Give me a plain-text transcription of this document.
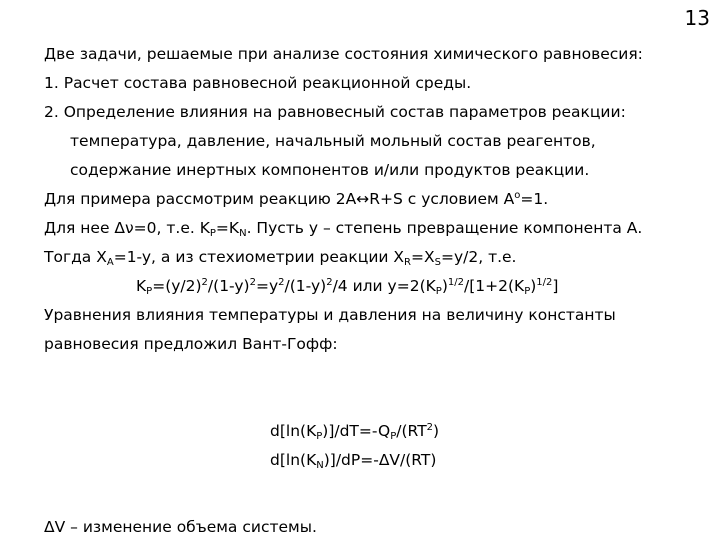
13
Две задачи, решаемые при анализе состояния химического равновесия:
1. Расчет состава равновесной реакционной среды.
2. Определение влияния на равновесный состав параметров реакции:
температура, давление, начальный мольный состав реагентов,
содержание инертных компонентов и/или продуктов реакции.
Для примера рассмотрим реакцию 2A↔R+S с условием $A^o=1$.
Для нее Δν=0, т.е. $K_P=K_N$. Пусть y – степень превращение компонента А.
Тогда $X_A=1-y$, а из стехиометрии реакции $X_R=X_S=y/2$, т.е.
$K_P=(y/2)^2/(1-y)^2=y^2/(1-y)^2/4$ или $y=2(K_P)^{1/2}/[1+2(K_P)^{1/2}]$
Уравнения влияния температуры и давления на величину константы
равновесия предложил Вант-Гофф:
$d[\ln(K_P)]/dT=-Q_P/(RT^2)$
$d[\ln(K_N)]/dP=-\Delta V/(RT)$
ΔV – изменение объема системы.
